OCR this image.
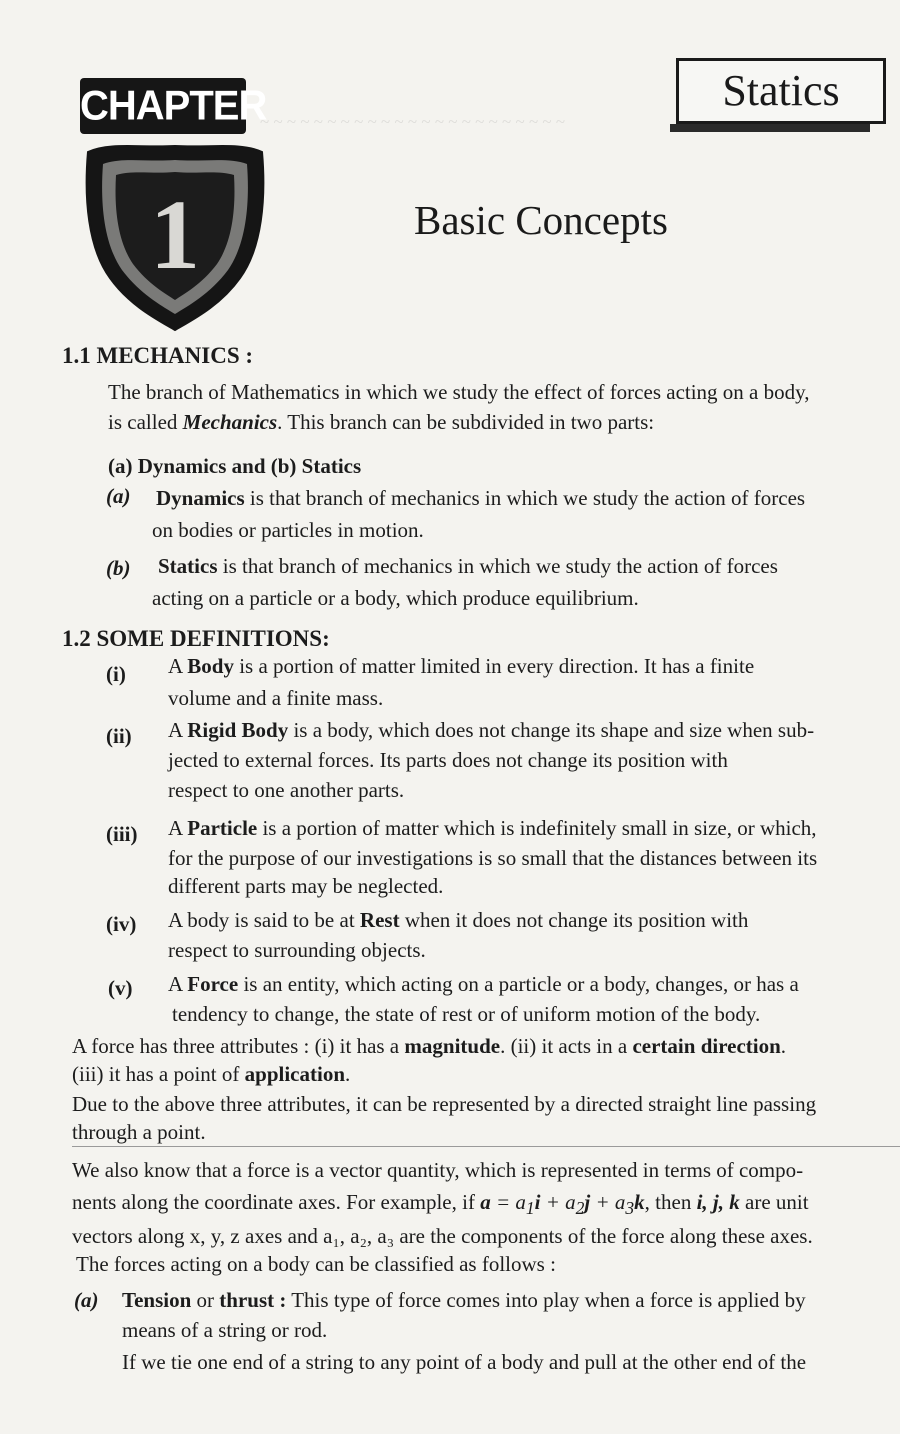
~ ~ ~ ~ ~ ~ ~ ~ ~ ~ ~ ~ ~ ~ ~ ~ ~ ~ ~ ~ ~ ~ ~
CHAPTER
1
Statics
Basic Concepts
1.1 MECHANICS :
The branch of Mathematics in which we study the effect of forces acting on a body,
is called Mechanics. This branch can be subdivided in two parts:
(a) Dynamics and (b) Statics
(a) Dynamics is that branch of mechanics in which we study the action of forces
on bodies or particles in motion.
(b) Statics is that branch of mechanics in which we study the action of forces
acting on a particle or a body, which produce equilibrium.
1.2 SOME DEFINITIONS:
(i) A Body is a portion of matter limited in every direction. It has a finite
volume and a finite mass.
(ii) A Rigid Body is a body, which does not change its shape and size when sub-
jected to external forces. Its parts does not change its position with
respect to one another parts.
(iii) A Particle is a portion of matter which is indefinitely small in size, or which,
for the purpose of our investigations is so small that the distances between its
different parts may be neglected.
(iv) A body is said to be at Rest when it does not change its position with
respect to surrounding objects.
(v) A Force is an entity, which acting on a particle or a body, changes, or has a
tendency to change, the state of rest or of uniform motion of the body.
A force has three attributes : (i) it has a magnitude. (ii) it acts in a certain direction.
(iii) it has a point of application.
Due to the above three attributes, it can be represented by a directed straight line passing
through a point.
We also know that a force is a vector quantity, which is represented in terms of compo-
nents along the coordinate axes. For example, if $a = a_1i + a_2j + a_3k$, then i, j, k are unit
vectors along x, y, z axes and a₁, a₂, a₃ are the components of the force along these axes.
The forces acting on a body can be classified as follows :
(a) Tension or thrust : This type of force comes into play when a force is applied by
means of a string or rod.
If we tie one end of a string to any point of a body and pull at the other end of the
